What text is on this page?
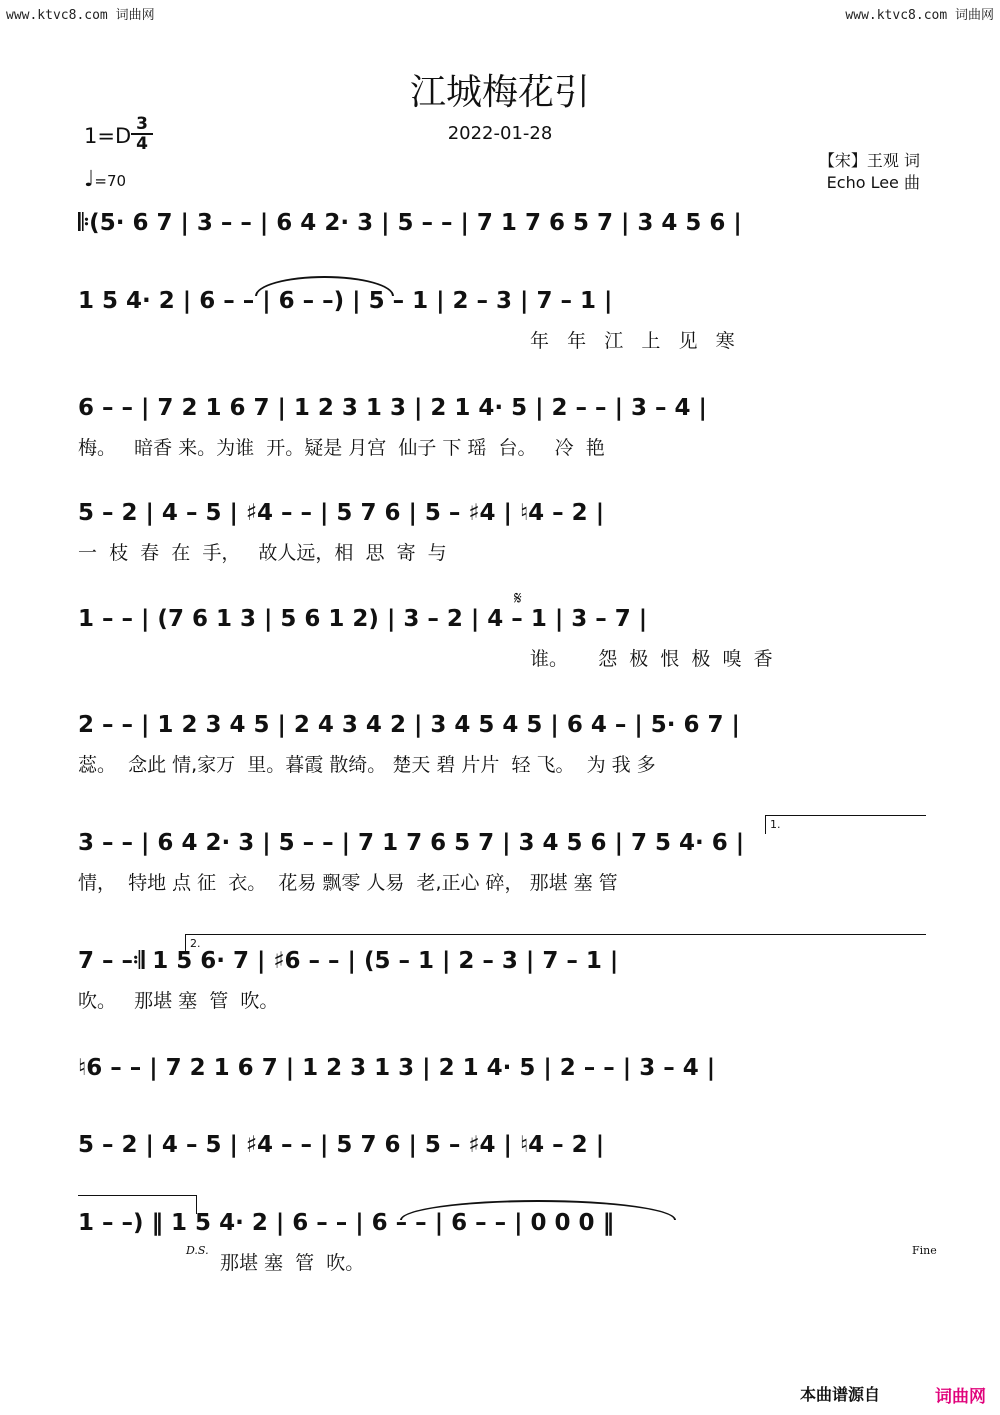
www.ktvc8.com 词曲网	www.ktvc8.com 词曲网
江城梅花引
2022-01-28
1=D 3
4
♩=70
【宋】王观 词
Echo Lee 曲
𝄆(5· 6 7 | 3 – – | 6 4 2· 3 | 5 – – | 7 1 7 6 5 7 | 3 4 5 6 |
1 5 4· 2 | 6 – – | 6 – –) | 5 – 1 | 2 – 3 | 7 – 1 |
年   年   江   上   见   寒
6 – – | 7 2 1 6 7 | 1 2 3 1 3 | 2 1 4· 5 | 2 – – | 3 – 4 |
梅。   暗香 来。为谁  开。疑是 月宫  仙子 下 瑶  台。   冷  艳
5 – 2 | 4 – 5 | ♯4 – – | 5 7 6 | 5 – ♯4 | ♮4 – 2 |
一  枝  春  在  手，   故人远，相  思  寄  与
1 – – | (7 6 1 3 | 5 6 1 2) | 3 – 2 | 4 – 1 | 3 – 7 |
谁。     怨  极  恨  极  嗅  香
2 – – | 1 2 3 4 5 | 2 4 3 4 2 | 3 4 5 4 5 | 6 4 – | 5· 6 7 |
蕊。  念此 情,家万  里。暮霞 散绮。 楚天 碧 片片  轻 飞。  为 我 多
3 – – | 6 4 2· 3 | 5 – – | 7 1 7 6 5 7 | 3 4 5 6 | 7 5 4· 6 |
情，  特地 点 征  衣。  花易 飘零 人易  老,正心 碎， 那堪 塞 管
7 – –𝄇 1 5 6· 7 | ♯6 – – | (5 – 1 | 2 – 3 | 7 – 1 |
吹。   那堪 塞  管  吹。
♮6 – – | 7 2 1 6 7 | 1 2 3 1 3 | 2 1 4· 5 | 2 – – | 3 – 4 |
5 – 2 | 4 – 5 | ♯4 – – | 5 7 6 | 5 – ♯4 | ♮4 – 2 |
1 – –) ‖ 1 5 4· 2 | 6 – – | 6 – – | 6 – – | 0 0 0 ‖
那堪 塞  管  吹。
1.
2.
𝄋
D.S.	Fine
本曲谱源自	词曲网
